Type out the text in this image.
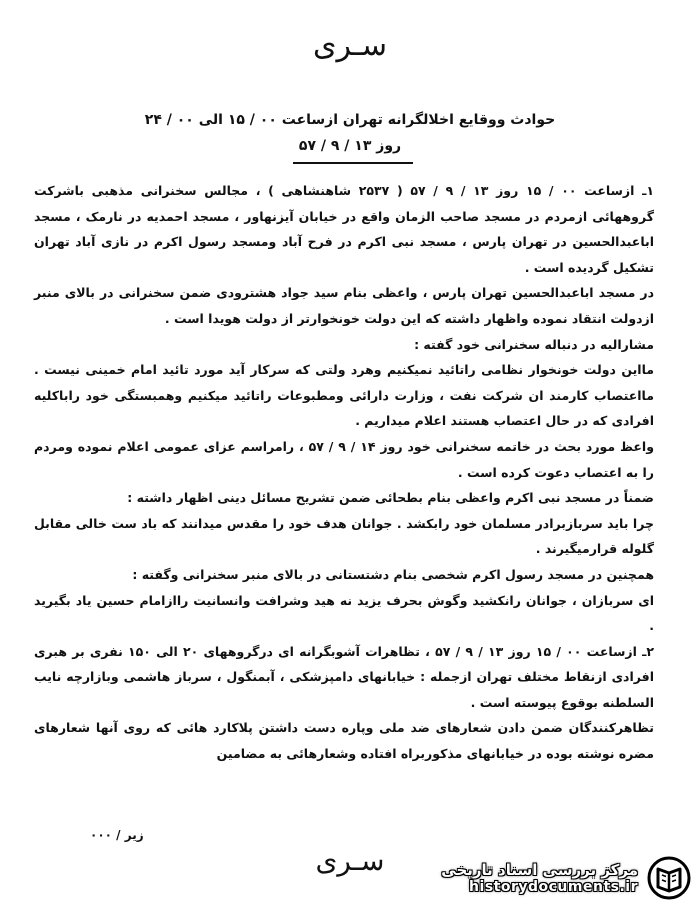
سـری
حوادث ووقایع اخلالگرانه تهران ازساعت ۰۰ / ۱۵ الی ۰۰ / ۲۴
روز ۱۳ / ۹ / ۵۷

۱ـ ازساعت ۰۰ / ۱۵ روز ۱۳ / ۹ / ۵۷ ( ۲۵۳۷ شاهنشاهی ) ، مجالس سخنرانی مذهبی باشرکت گروههائی ازمردم در مسجد صاحب الزمان واقع در خیابان آیزنهاور ، مسجد احمدیه در نارمک ، مسجد اباعبدالحسین در تهران پارس ، مسجد نبی اکرم در فرح آباد ومسجد رسول اکرم در نازی آباد تهران تشکیل گردیده است .

در مسجد اباعبدالحسین تهران پارس ، واعظی بنام سید جواد هشترودی ضمن سخنرانی در بالای منبر ازدولت انتقاد نموده واظهار داشته که این دولت خونخوارتر از دولت هویدا است .

مشارالیه در دنباله سخنرانی خود گفته :

مااین دولت خونخوار نظامی راتائید نمیکنیم وهرد ولتی که سرکار آید مورد تائید امام خمینی نیست . مااعتصاب کارمند ان شرکت نفت ، وزارت دارائی ومطبوعات راتائید میکنیم وهمبستگی خود راباکلیه افرادی که در حال اعتصاب هستند اعلام میداریم .

واعظ مورد بحث در خاتمه سخنرانی خود روز ۱۴ / ۹ / ۵۷ ، رامراسم عزای عمومی اعلام نموده ومردم را به اعتصاب دعوت کرده است .

ضمناً در مسجد نبی اکرم واعظی بنام بطحائی ضمن تشریح مسائل دینی اظهار داشته :

چرا باید سربازبرادر مسلمان خود رابکشد . جوانان هدف خود را مقدس میدانند که باد ست خالی مقابل گلوله قرارمیگیرند .

همچنین در مسجد رسول اکرم شخصی بنام دشتستانی در بالای منبر سخنرانی وگفته :

ای سربازان ، جوانان رانکشید وگوش بحرف یزید نه هید وشرافت وانسانیت راازامام حسین یاد بگیرید .

۲ـ ازساعت ۰۰ / ۱۵ روز ۱۳ / ۹ / ۵۷ ، تظاهرات آشوبگرانه ای درگروههای ۲۰ الی ۱۵۰ نفری بر هبری افرادی ازنقاط مختلف تهران ازجمله : خیابانهای دامپزشکی ، آبمنگول ، سرباز هاشمی وبازارچه نایب السلطنه بوقوع پیوسته است .

تظاهرکنندگان ضمن دادن شعارهای ضد ملی وپاره دست داشتن پلاکارد هائی که روی آنها شعارهای مضره نوشته بوده در خیابانهای مذکوربراه افتاده وشعارهائی به مضامین

زیر / ۰۰۰
سـری	مرکز بررسی اسناد تاریخی
historydocuments.ir
